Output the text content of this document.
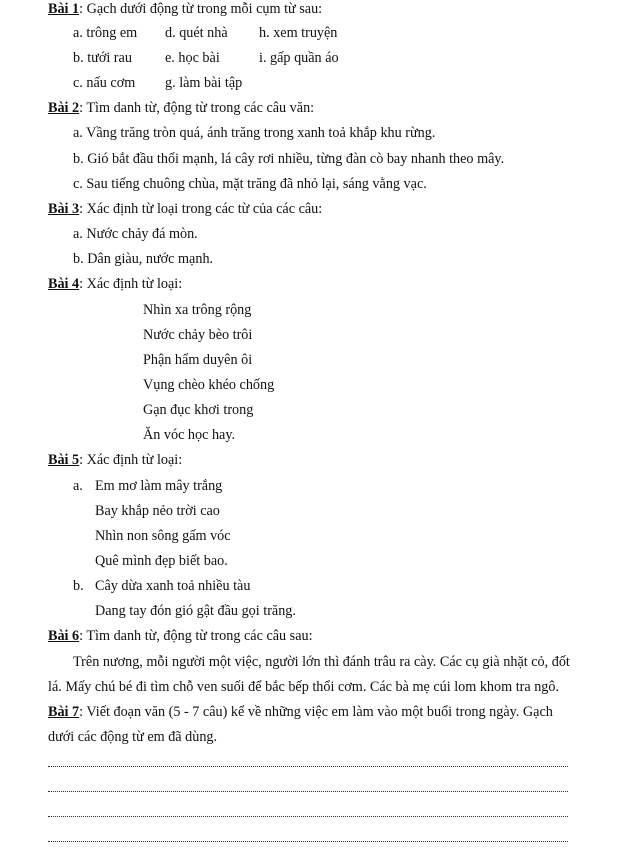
Bài 1: Gạch dưới động từ trong mỗi cụm từ sau:
a. trông em d. quét nhà h. xem truyện
b. tưới rau e. học bài	i. gấp quần áo
c. nấu cơm g. làm bài tập
Bài 2: Tìm danh từ, động từ trong các câu văn:
a. Vầng trăng tròn quá, ánh trăng trong xanh toả khắp khu rừng.
b. Gió bắt đầu thổi mạnh, lá cây rơi nhiều, từng đàn cò bay nhanh theo mây.
c. Sau tiếng chuông chùa, mặt trăng đã nhỏ lại, sáng vằng vạc.
Bài 3: Xác định từ loại trong các từ của các câu:
a. Nước chảy đá mòn.
b. Dân giàu, nước mạnh.
Bài 4: Xác định từ loại:
Nhìn xa trông rộng
Nước chảy bèo trôi
Phận hẩm duyên ôi
Vụng chèo khéo chống
Gạn đục khơi trong
Ăn vóc học hay.
Bài 5: Xác định từ loại:
a. Em mơ làm mây trắng
Bay khắp nẻo trời cao
Nhìn non sông gấm vóc
Quê mình đẹp biết bao.
b. Cây dừa xanh toả nhiều tàu
Dang tay đón gió gật đầu gọi trăng.
Bài 6: Tìm danh từ, động từ trong các câu sau:
Trên nương, mỗi người một việc, người lớn thì đánh trâu ra cày. Các cụ già nhặt cỏ, đốt
lá. Mấy chú bé đi tìm chỗ ven suối để bắc bếp thổi cơm. Các bà mẹ cúi lom khom tra ngô.
Bài 7: Viết đoạn văn (5 - 7 câu) kể về những việc em làm vào một buổi trong ngày. Gạch
dưới các động từ em đã dùng.
